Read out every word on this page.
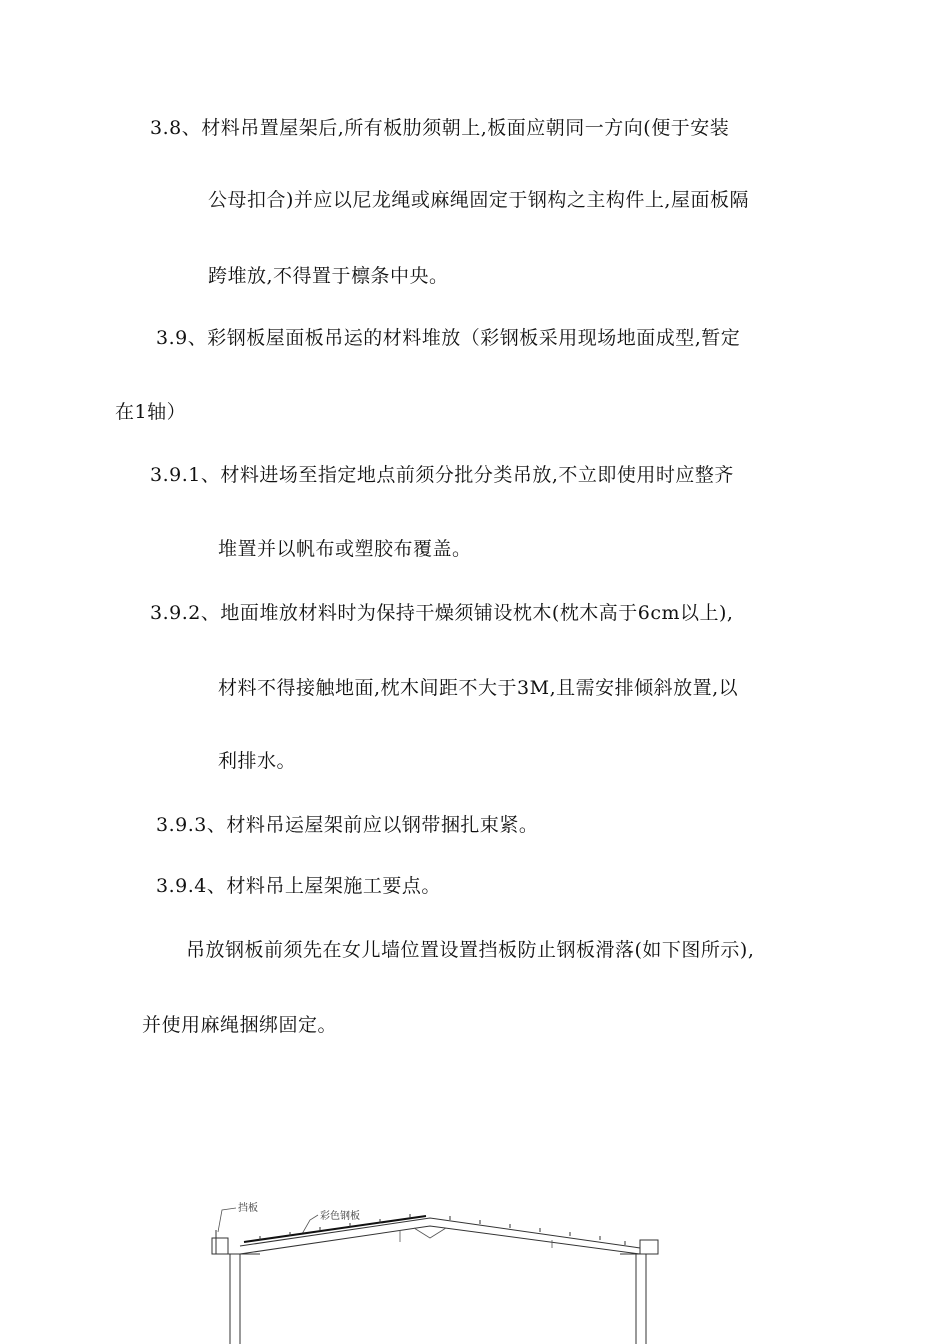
3.8、材料吊置屋架后,所有板肋须朝上,板面应朝同一方向(便于安装
公母扣合)并应以尼龙绳或麻绳固定于钢构之主构件上,屋面板隔
跨堆放,不得置于檩条中央。
3.9、彩钢板屋面板吊运的材料堆放（彩钢板采用现场地面成型,暂定
在1轴）
3.9.1、材料进场至指定地点前须分批分类吊放,不立即使用时应整齐
堆置并以帆布或塑胶布覆盖。
3.9.2、地面堆放材料时为保持干燥须铺设枕木(枕木高于6cm以上),
材料不得接触地面,枕木间距不大于3M,且需安排倾斜放置,以
利排水。
3.9.3、材料吊运屋架前应以钢带捆扎束紧。
3.9.4、材料吊上屋架施工要点。
吊放钢板前须先在女儿墙位置设置挡板防止钢板滑落(如下图所示),
并使用麻绳捆绑固定。
挡板
彩色钢板
